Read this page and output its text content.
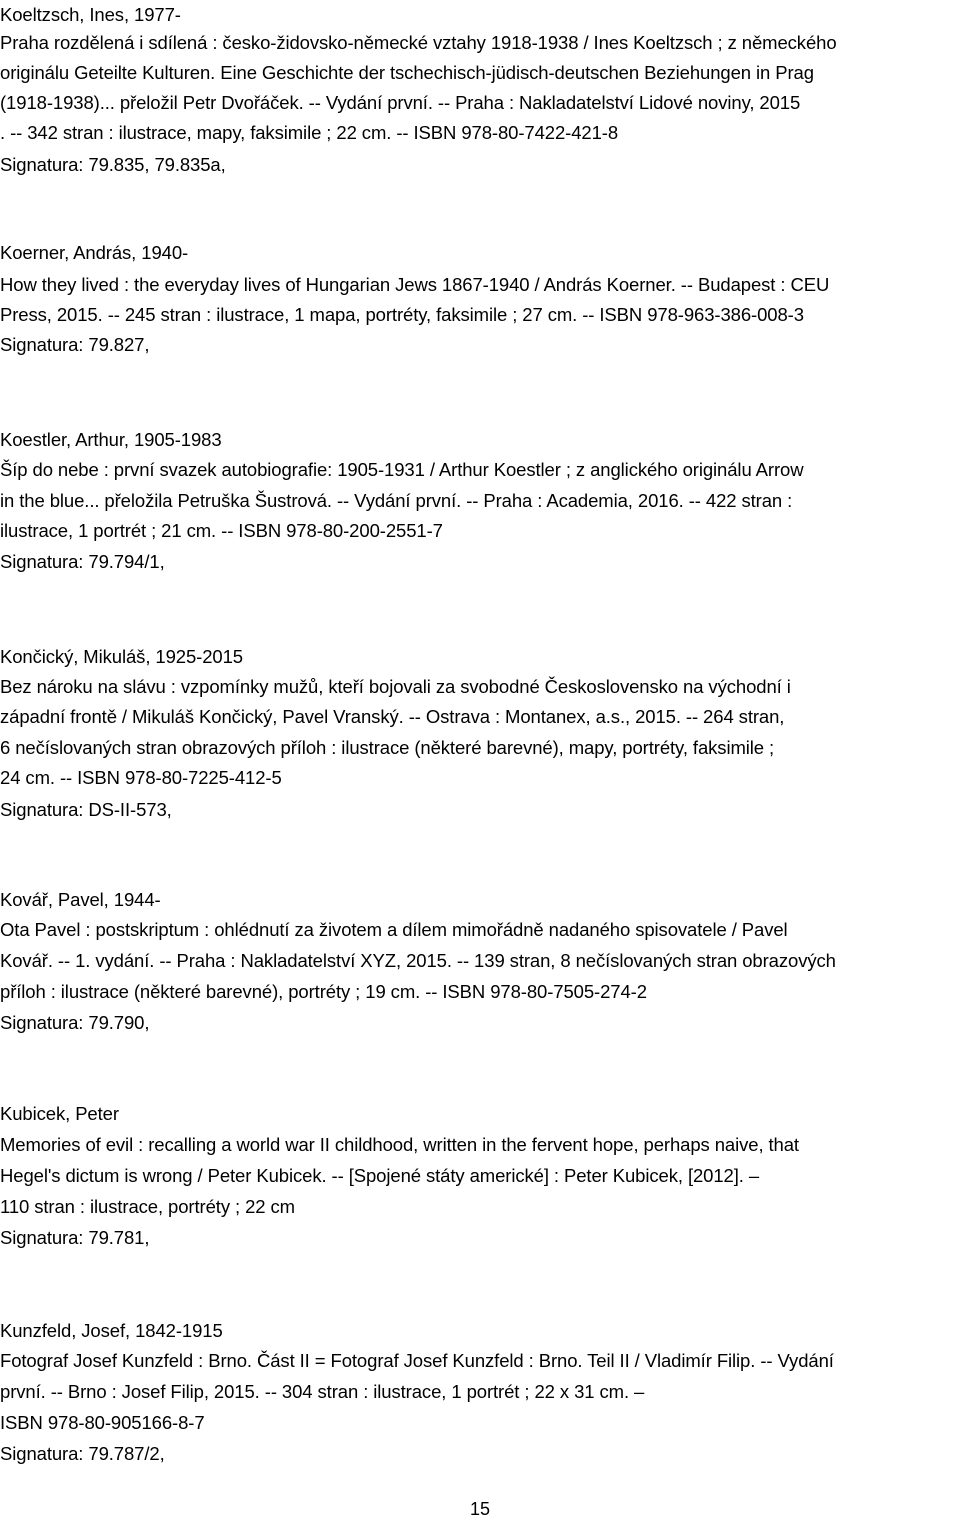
Koeltzsch, Ines, 1977-
Praha rozdělená i sdílená : česko-židovsko-německé vztahy 1918-1938 / Ines Koeltzsch ; z německého
originálu Geteilte Kulturen. Eine Geschichte der tschechisch-jüdisch-deutschen Beziehungen in Prag
(1918-1938)... přeložil Petr Dvořáček. -- Vydání první. -- Praha : Nakladatelství Lidové noviny, 2015
. -- 342 stran : ilustrace, mapy, faksimile ; 22 cm. -- ISBN 978-80-7422-421-8
Signatura: 79.835, 79.835a,
Koerner, András, 1940-
How they lived : the everyday lives of Hungarian Jews 1867-1940 / András Koerner. -- Budapest : CEU
Press, 2015. -- 245 stran : ilustrace, 1 mapa, portréty, faksimile ; 27 cm. -- ISBN 978-963-386-008-3
Signatura: 79.827,
Koestler, Arthur, 1905-1983
Šíp do nebe : první svazek autobiografie: 1905-1931 / Arthur Koestler ; z anglického originálu Arrow
in the blue... přeložila Petruška Šustrová. -- Vydání první. -- Praha : Academia, 2016. -- 422 stran :
ilustrace, 1 portrét ; 21 cm. -- ISBN 978-80-200-2551-7
Signatura: 79.794/1,
Končický, Mikuláš, 1925-2015
Bez nároku na slávu : vzpomínky mužů, kteří bojovali za svobodné Československo na východní i
západní frontě / Mikuláš Končický, Pavel Vranský. -- Ostrava : Montanex, a.s., 2015. -- 264 stran,
6 nečíslovaných stran obrazových příloh : ilustrace (některé barevné), mapy, portréty, faksimile ;
24 cm. -- ISBN 978-80-7225-412-5
Signatura: DS-II-573,
Kovář, Pavel, 1944-
Ota Pavel : postskriptum : ohlédnutí za životem a dílem mimořádně nadaného spisovatele / Pavel
Kovář. -- 1. vydání. -- Praha : Nakladatelství XYZ, 2015. -- 139 stran, 8 nečíslovaných stran obrazových
příloh : ilustrace (některé barevné), portréty ; 19 cm. -- ISBN 978-80-7505-274-2
Signatura: 79.790,
Kubicek, Peter
Memories of evil : recalling a world war II childhood, written in the fervent hope, perhaps naive, that
Hegel's dictum is wrong / Peter Kubicek. -- [Spojené státy americké] : Peter Kubicek, [2012]. –
110 stran : ilustrace, portréty ; 22 cm
Signatura: 79.781,
Kunzfeld, Josef, 1842-1915
Fotograf Josef Kunzfeld : Brno. Část II = Fotograf Josef Kunzfeld : Brno. Teil II / Vladimír Filip. -- Vydání
první. -- Brno : Josef Filip, 2015. -- 304 stran : ilustrace, 1 portrét ; 22 x 31 cm. –
ISBN 978-80-905166-8-7
Signatura: 79.787/2,
15
